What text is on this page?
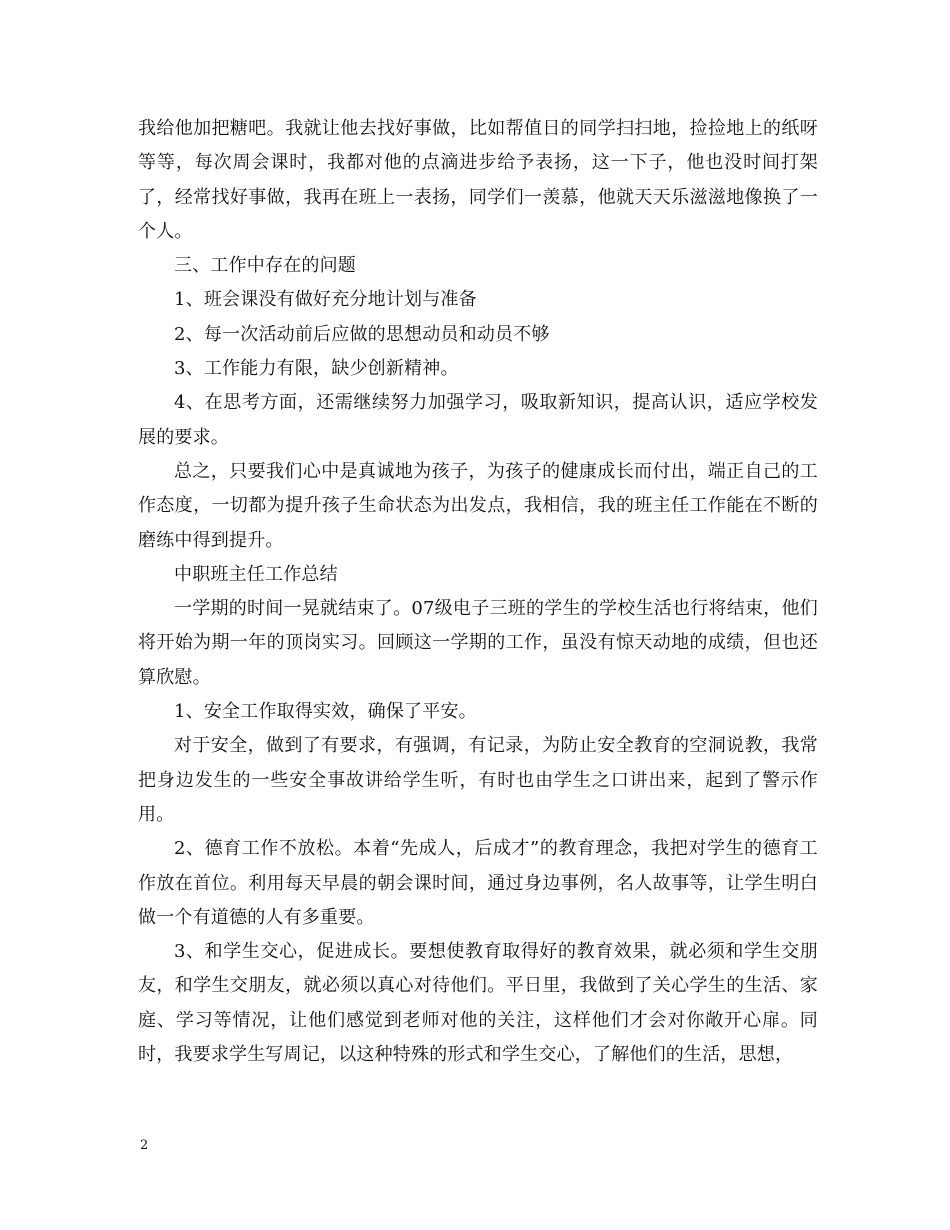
我给他加把糖吧。我就让他去找好事做，比如帮值日的同学扫扫地，捡捡地上的纸呀等等，每次周会课时，我都对他的点滴进步给予表扬，这一下子，他也没时间打架了，经常找好事做，我再在班上一表扬，同学们一羡慕，他就天天乐滋滋地像换了一个人。

三、工作中存在的问题

1、班会课没有做好充分地计划与准备

2、每一次活动前后应做的思想动员和动员不够

3、工作能力有限，缺少创新精神。

4、在思考方面，还需继续努力加强学习，吸取新知识，提高认识，适应学校发展的要求。

总之，只要我们心中是真诚地为孩子，为孩子的健康成长而付出，端正自己的工作态度，一切都为提升孩子生命状态为出发点，我相信，我的班主任工作能在不断的磨练中得到提升。

中职班主任工作总结

一学期的时间一晃就结束了。07级电子三班的学生的学校生活也行将结束，他们将开始为期一年的顶岗实习。回顾这一学期的工作，虽没有惊天动地的成绩，但也还算欣慰。

1、安全工作取得实效，确保了平安。

对于安全，做到了有要求，有强调，有记录，为防止安全教育的空洞说教，我常把身边发生的一些安全事故讲给学生听，有时也由学生之口讲出来，起到了警示作用。

2、德育工作不放松。本着“先成人，后成才”的教育理念，我把对学生的德育工作放在首位。利用每天早晨的朝会课时间，通过身边事例，名人故事等，让学生明白做一个有道德的人有多重要。

3、和学生交心，促进成长。要想使教育取得好的教育效果，就必须和学生交朋友，和学生交朋友，就必须以真心对待他们。平日里，我做到了关心学生的生活、家庭、学习等情况，让他们感觉到老师对他的关注，这样他们才会对你敞开心扉。同时，我要求学生写周记，以这种特殊的形式和学生交心，了解他们的生活，思想，

2
